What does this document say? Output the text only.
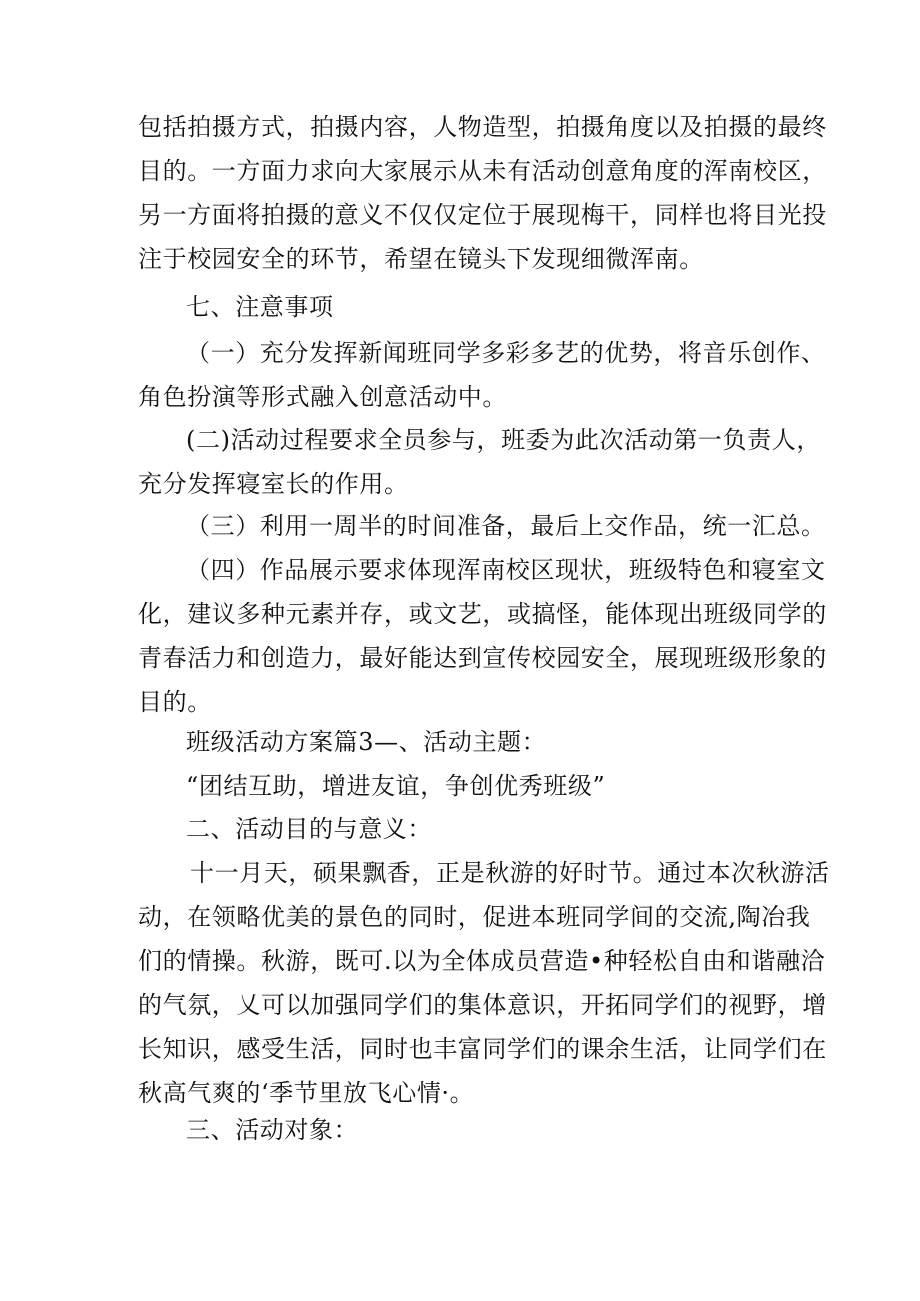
包括拍摄方式，拍摄内容，人物造型，拍摄角度以及拍摄的最终
目的。一方面力求向大家展示从未有活动创意角度的浑南校区，
另一方面将拍摄的意义不仅仅定位于展现梅干，同样也将目光投
注于校园安全的环节，希望在镜头下发现细微浑南。
七、注意事项
（一）充分发挥新闻班同学多彩多艺的优势，将音乐创作、
角色扮演等形式融入创意活动中。
(二)活动过程要求全员参与，班委为此次活动第一负责人，
充分发挥寝室长的作用。
（三）利用一周半的时间准备，最后上交作品，统一汇总。
（四）作品展示要求体现浑南校区现状，班级特色和寝室文
化，建议多种元素并存，或文艺，或搞怪，能体现出班级同学的
青春活力和创造力，最好能达到宣传校园安全，展现班级形象的
目的。
班级活动方案篇3—、活动主题：
“团结互助，增进友谊，争创优秀班级”
二、活动目的与意义：
十一月天，硕果飘香，正是秋游的好时节。通过本次秋游活
动，在领略优美的景色的同时，促进本班同学间的交流,陶冶我
们的情操。秋游，既可.以为全体成员营造•种轻松自由和谐融洽
的气氛，乂可以加强同学们的集体意识，开拓同学们的视野，增
长知识，感受生活，同时也丰富同学们的课余生活，让同学们在
秋高气爽的‘季节里放飞心情·。
三、活动对象：
